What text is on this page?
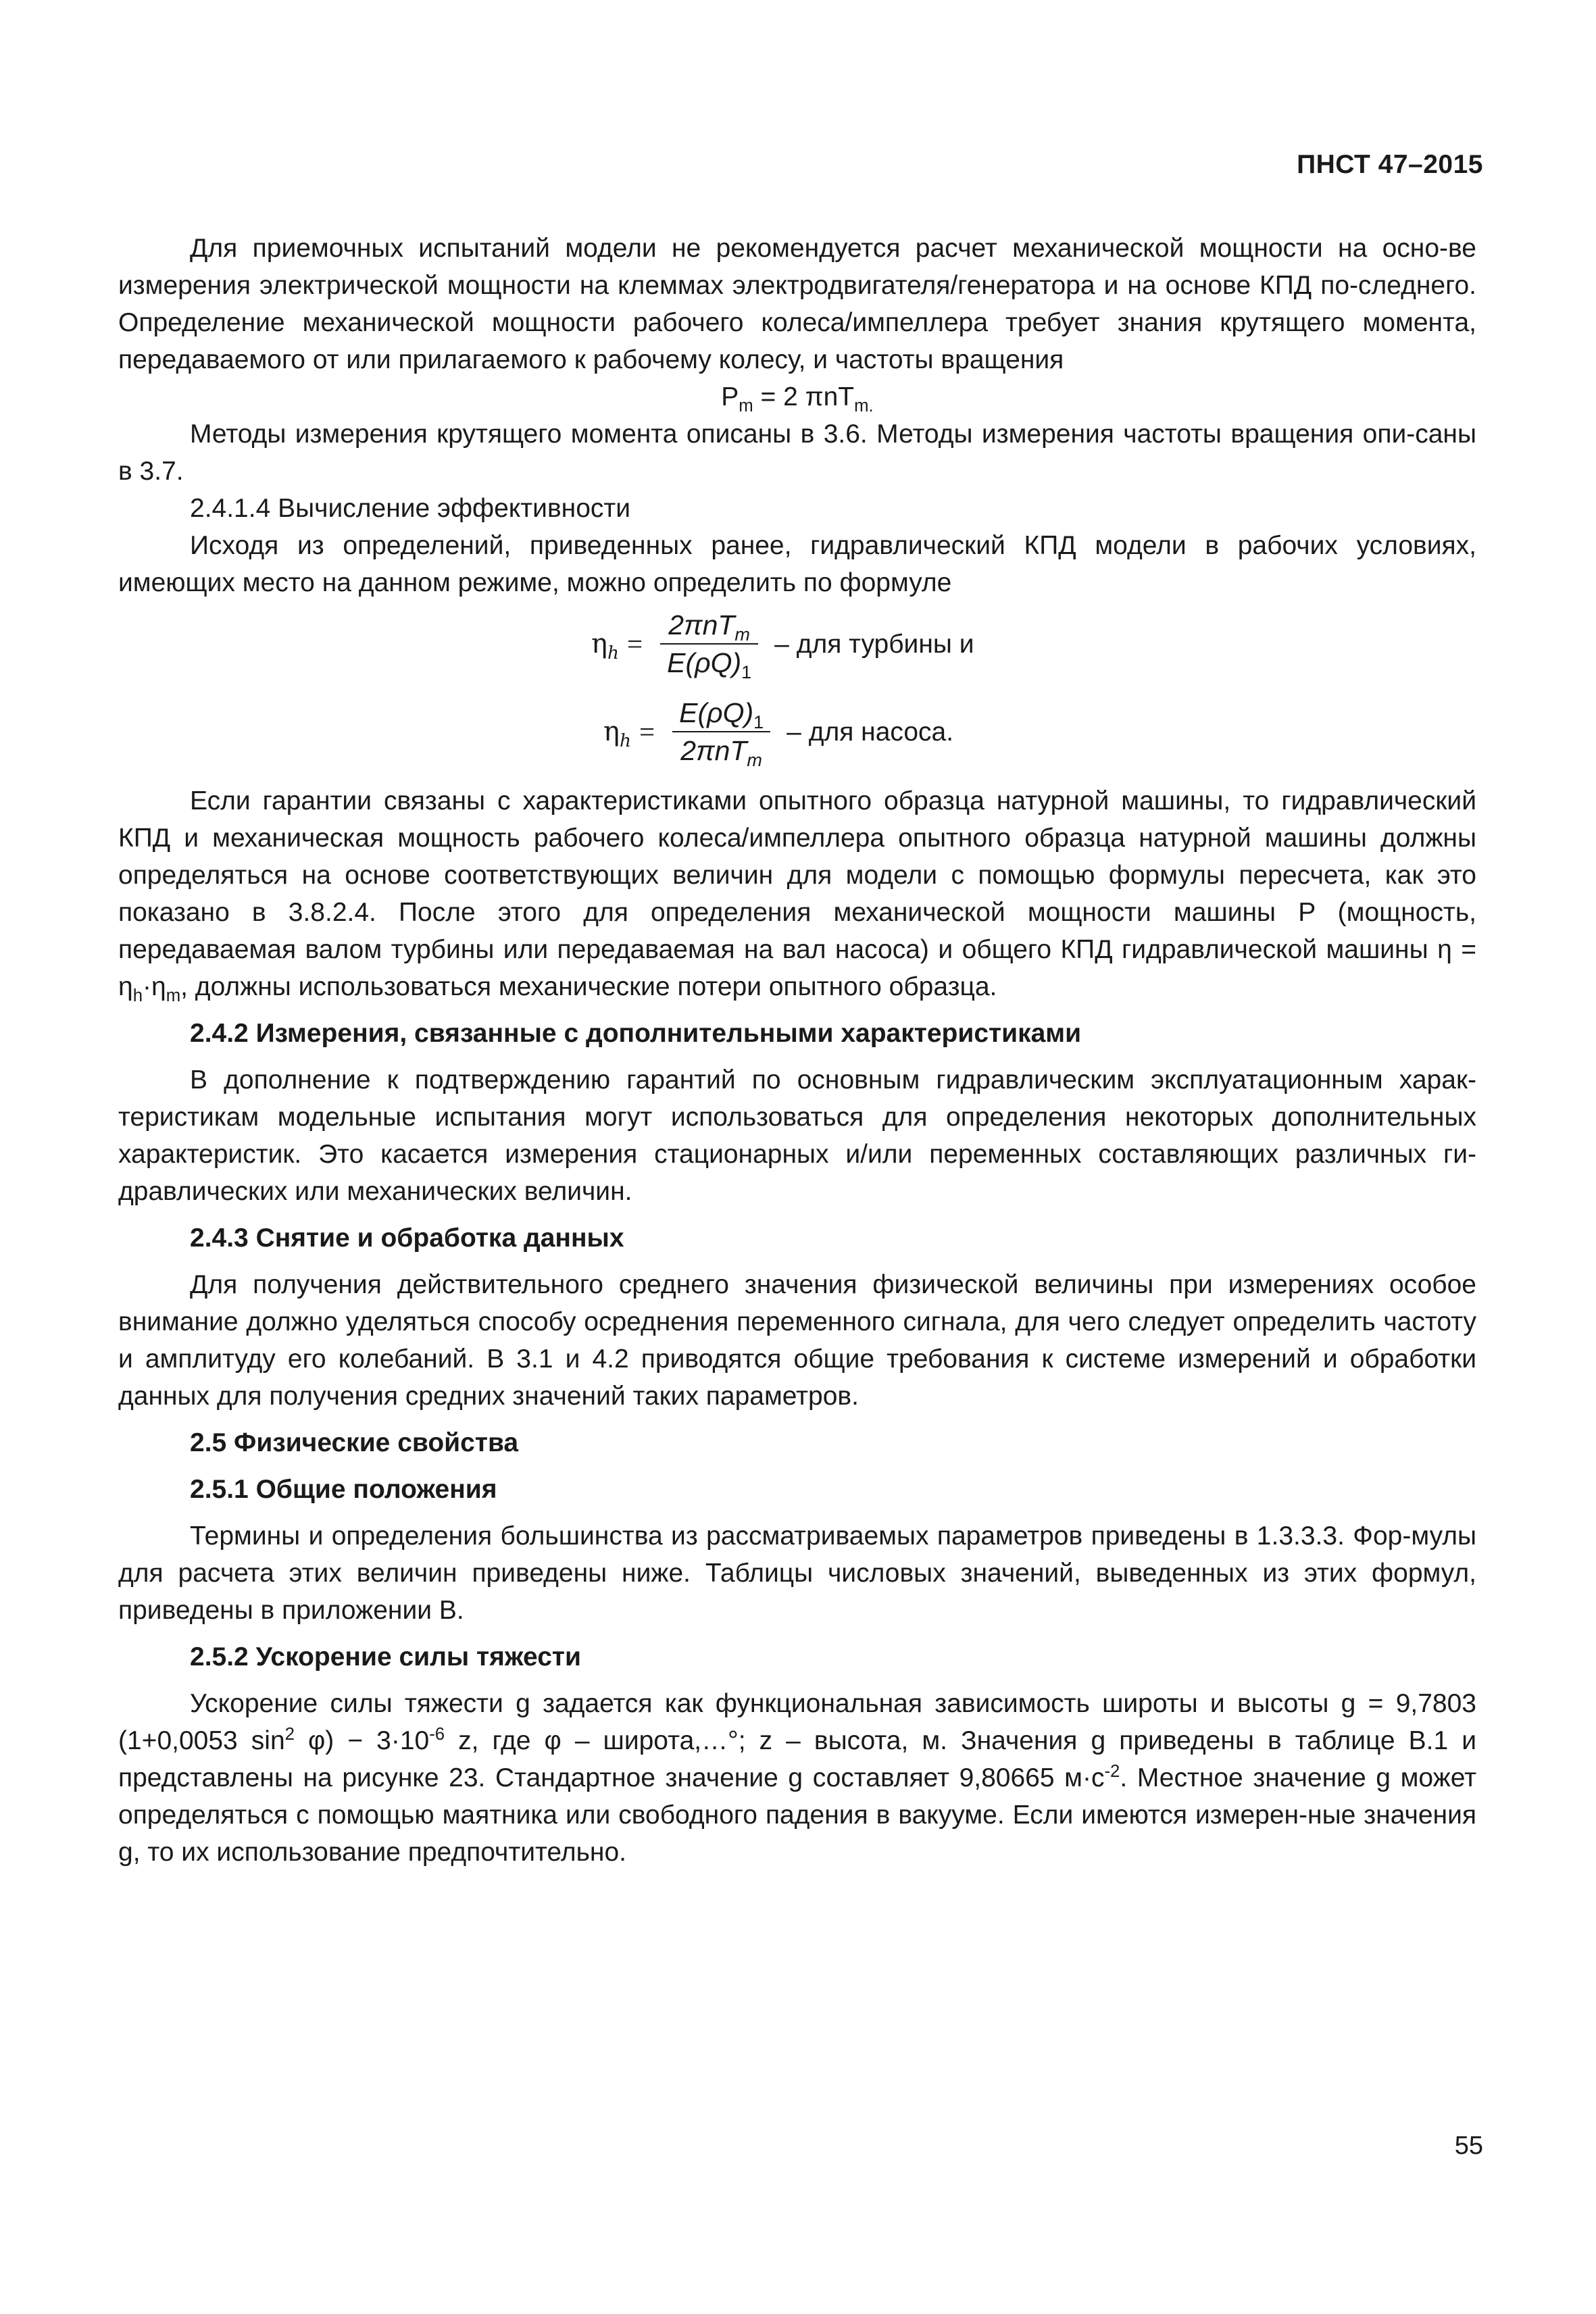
ПНСТ 47–2015

Для приемочных испытаний модели не рекомендуется расчет механической мощности на осно-ве измерения электрической мощности на клеммах электродвигателя/генератора и на основе КПД по-следнего. Определение механической мощности рабочего колеса/импеллера требует знания крутящего момента, передаваемого от или прилагаемого к рабочему колесу, и частоты вращения

$P_m = 2$ πnT$_{m.}$

Методы измерения крутящего момента описаны в 3.6. Методы измерения частоты вращения опи-саны в 3.7.

2.4.1.4 Вычисление эффективности

Исходя из определений, приведенных ранее, гидравлический КПД модели в рабочих условиях, имеющих место на данном режиме, можно определить по формуле

$\eta_h = \frac{2\pi nT_m}{E(\rho Q)_1}$ – для турбины и
$\eta_h = \frac{E(\rho Q)_1}{2\pi nT_m}$ – для насоса.

Если гарантии связаны с характеристиками опытного образца натурной машины, то гидравлический КПД и механическая мощность рабочего колеса/импеллера опытного образца натурной машины должны определяться на основе соответствующих величин для модели с помощью формулы пересчета, как это показано в 3.8.2.4. После этого для определения механической мощности машины P (мощность, передаваемая валом турбины или передаваемая на вал насоса) и общего КПД гидравлической машины $\eta = \eta_h\cdot\eta_m$, должны использоваться механические потери опытного образца.

2.4.2 Измерения, связанные с дополнительными характеристиками

В дополнение к подтверждению гарантий по основным гидравлическим эксплуатационным харак-теристикам модельные испытания могут использоваться для определения некоторых дополнительных характеристик. Это касается измерения стационарных и/или переменных составляющих различных ги-дравлических или механических величин.

2.4.3 Снятие и обработка данных

Для получения действительного среднего значения физической величины при измерениях особое внимание должно уделяться способу осреднения переменного сигнала, для чего следует определить частоту и амплитуду его колебаний. В 3.1 и 4.2 приводятся общие требования к системе измерений и обработки данных для получения средних значений таких параметров.

2.5 Физические свойства

2.5.1 Общие положения

Термины и определения большинства из рассматриваемых параметров приведены в 1.3.3.3. Фор-мулы для расчета этих величин приведены ниже. Таблицы числовых значений, выведенных из этих формул, приведены в приложении В.

2.5.2 Ускорение силы тяжести

Ускорение силы тяжести g задается как функциональная зависимость широты и высоты g = 9,7803 (1+0,0053 $\sin^2 \varphi) - 3\cdot 10^{-6}$ z, где φ – широта,…°; z – высота, м. Значения g приведены в таблице В.1 и представлены на рисунке 23. Стандартное значение g составляет 9,80665 $м\cdot с^{-2}$. Местное значение g может определяться с помощью маятника или свободного падения в вакууме. Если имеются измерен-ные значения g, то их использование предпочтительно.

55
